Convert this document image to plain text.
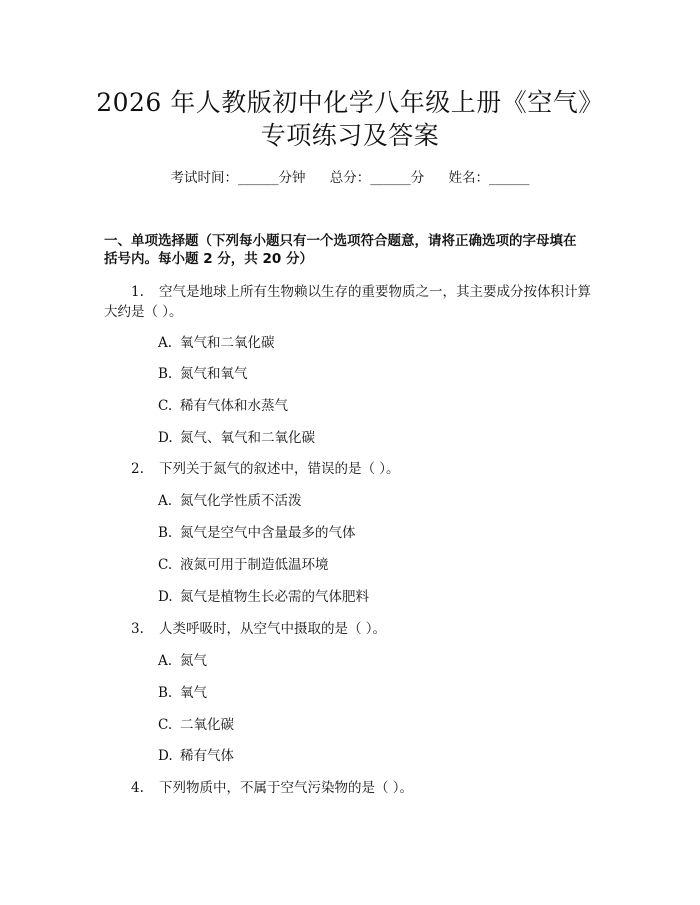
2026 年人教版初中化学八年级上册《空气》
专项练习及答案
考试时间：______分钟 总分：______分 姓名：______
一、单项选择题（下列每小题只有一个选项符合题意，请将正确选项的字母填在
括号内。每小题 2 分，共 20 分）
1. 空气是地球上所有生物赖以生存的重要物质之一，其主要成分按体积计算
大约是（ ）。
A. 氧气和二氧化碳
B. 氮气和氧气
C. 稀有气体和水蒸气
D. 氮气、氧气和二氧化碳
2. 下列关于氮气的叙述中，错误的是（ ）。
A. 氮气化学性质不活泼
B. 氮气是空气中含量最多的气体
C. 液氮可用于制造低温环境
D. 氮气是植物生长必需的气体肥料
3. 人类呼吸时，从空气中摄取的是（ ）。
A. 氮气
B. 氧气
C. 二氧化碳
D. 稀有气体
4. 下列物质中，不属于空气污染物的是（ ）。
